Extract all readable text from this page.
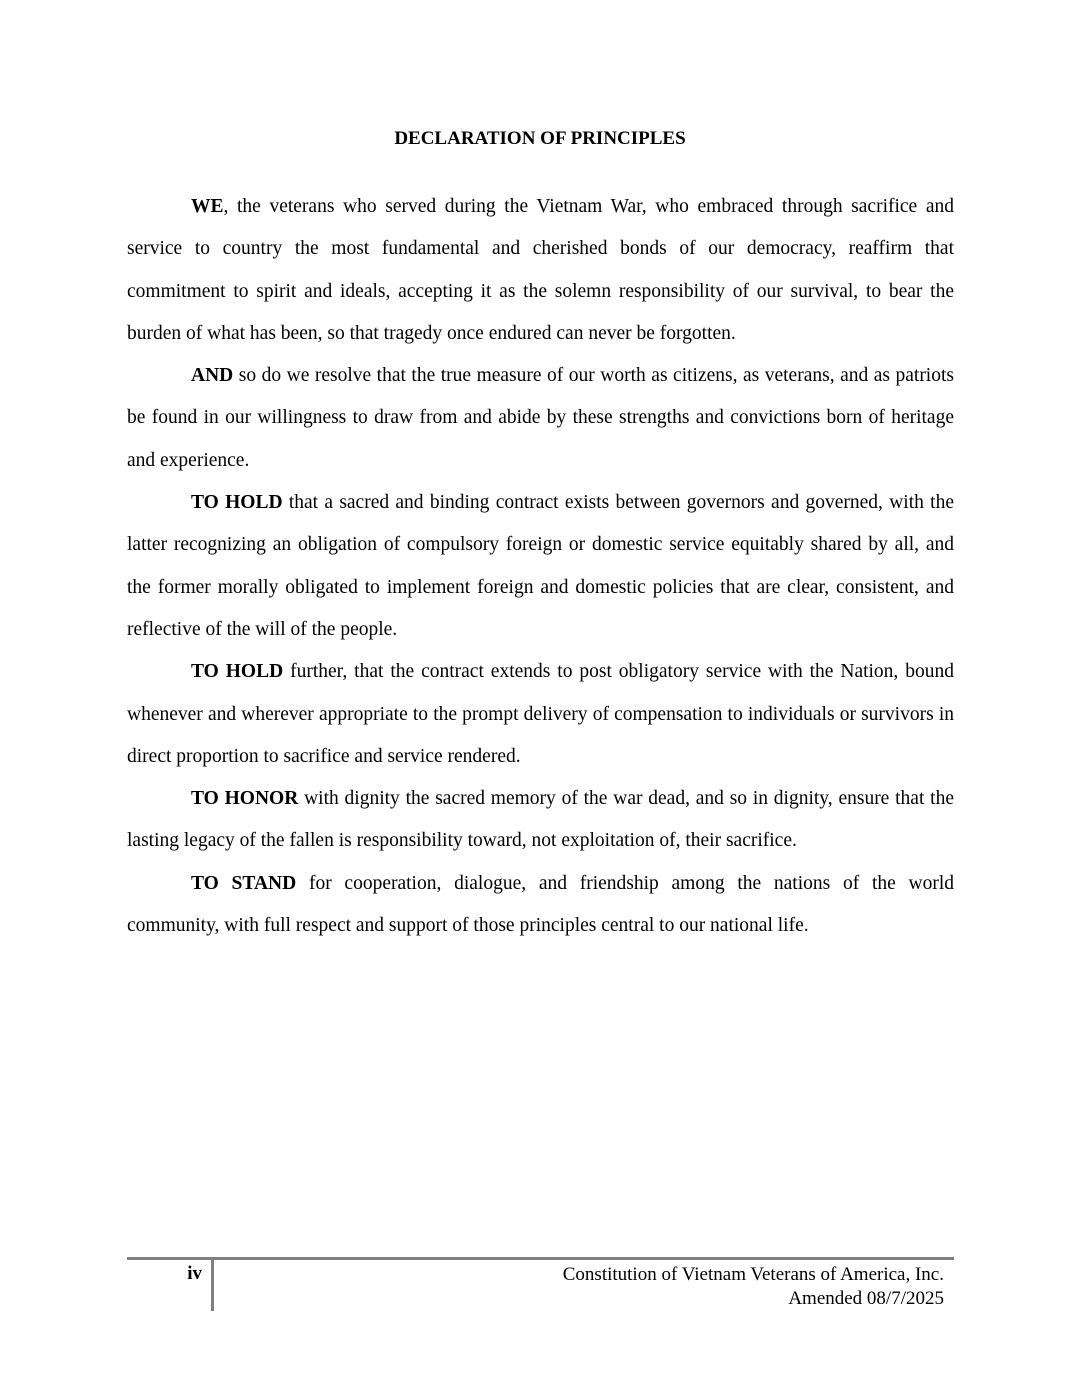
DECLARATION OF PRINCIPLES

WE, the veterans who served during the Vietnam War, who embraced through sacrifice and service to country the most fundamental and cherished bonds of our democracy, reaffirm that commitment to spirit and ideals, accepting it as the solemn responsibility of our survival, to bear the burden of what has been, so that tragedy once endured can never be forgotten.

AND so do we resolve that the true measure of our worth as citizens, as veterans, and as patriots be found in our willingness to draw from and abide by these strengths and convictions born of heritage and experience.

TO HOLD that a sacred and binding contract exists between governors and governed, with the latter recognizing an obligation of compulsory foreign or domestic service equitably shared by all, and the former morally obligated to implement foreign and domestic policies that are clear, consistent, and reflective of the will of the people.

TO HOLD further, that the contract extends to post obligatory service with the Nation, bound whenever and wherever appropriate to the prompt delivery of compensation to individuals or survivors in direct proportion to sacrifice and service rendered.

TO HONOR with dignity the sacred memory of the war dead, and so in dignity, ensure that the lasting legacy of the fallen is responsibility toward, not exploitation of, their sacrifice.

TO STAND for cooperation, dialogue, and friendship among the nations of the world community, with full respect and support of those principles central to our national life.

iv	Constitution of Vietnam Veterans of America, Inc.
Amended 08/7/2025
